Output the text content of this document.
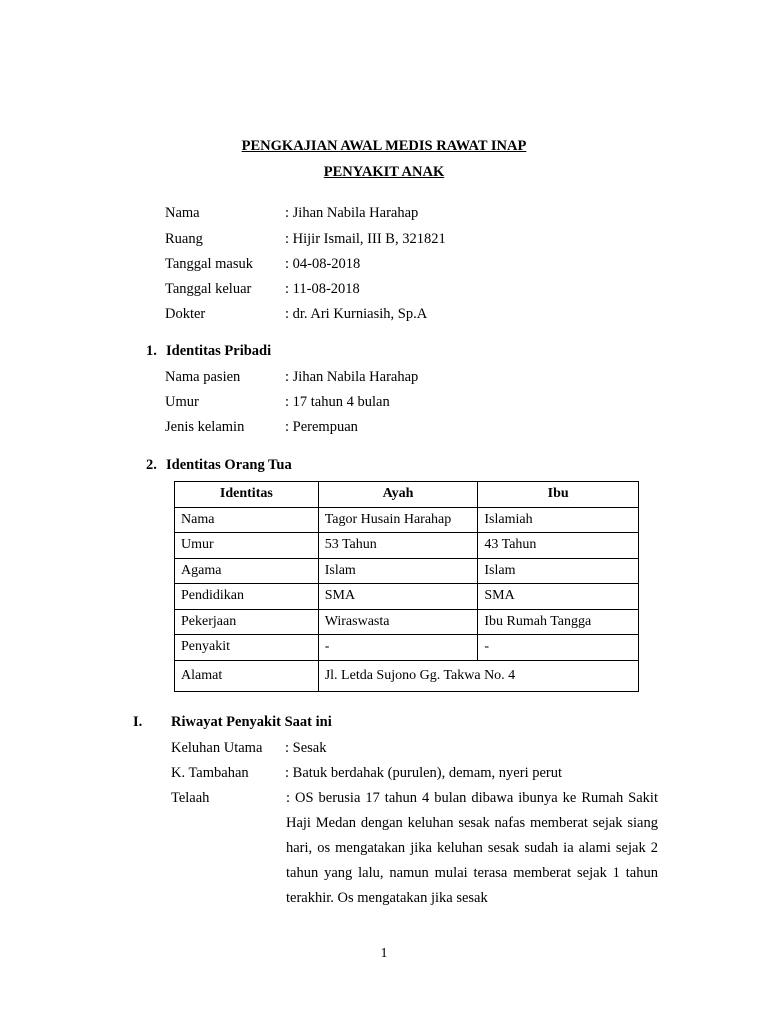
PENGKAJIAN AWAL MEDIS RAWAT INAP
PENYAKIT ANAK
Nama	: Jihan Nabila Harahap
Ruang	: Hijir Ismail, III B, 321821
Tanggal masuk : 04-08-2018
Tanggal keluar : 11-08-2018
Dokter	: dr. Ari Kurniasih, Sp.A
1. Identitas Pribadi
Nama pasien	: Jihan Nabila Harahap
Umur	: 17 tahun 4 bulan
Jenis kelamin	: Perempuan
2. Identitas Orang Tua
Identitas	Ayah	Ibu
Nama	Tagor Husain Harahap	Islamiah
Umur	53 Tahun	43 Tahun
Agama	Islam	Islam
Pendidikan	SMA	SMA
Pekerjaan	Wiraswasta	Ibu Rumah Tangga
Penyakit	-	-
Alamat	Jl. Letda Sujono Gg. Takwa No. 4	
I. Riwayat Penyakit Saat ini
Keluhan Utama : Sesak
K. Tambahan	: Batuk berdahak (purulen), demam, nyeri perut
Telaah	: OS berusia 17 tahun 4 bulan dibawa ibunya ke Rumah Sakit Haji Medan dengan keluhan sesak nafas memberat sejak siang hari, os mengatakan jika keluhan sesak sudah ia alami sejak 2 tahun yang lalu, namun mulai terasa memberat sejak 1 tahun terakhir. Os mengatakan jika sesak
1
